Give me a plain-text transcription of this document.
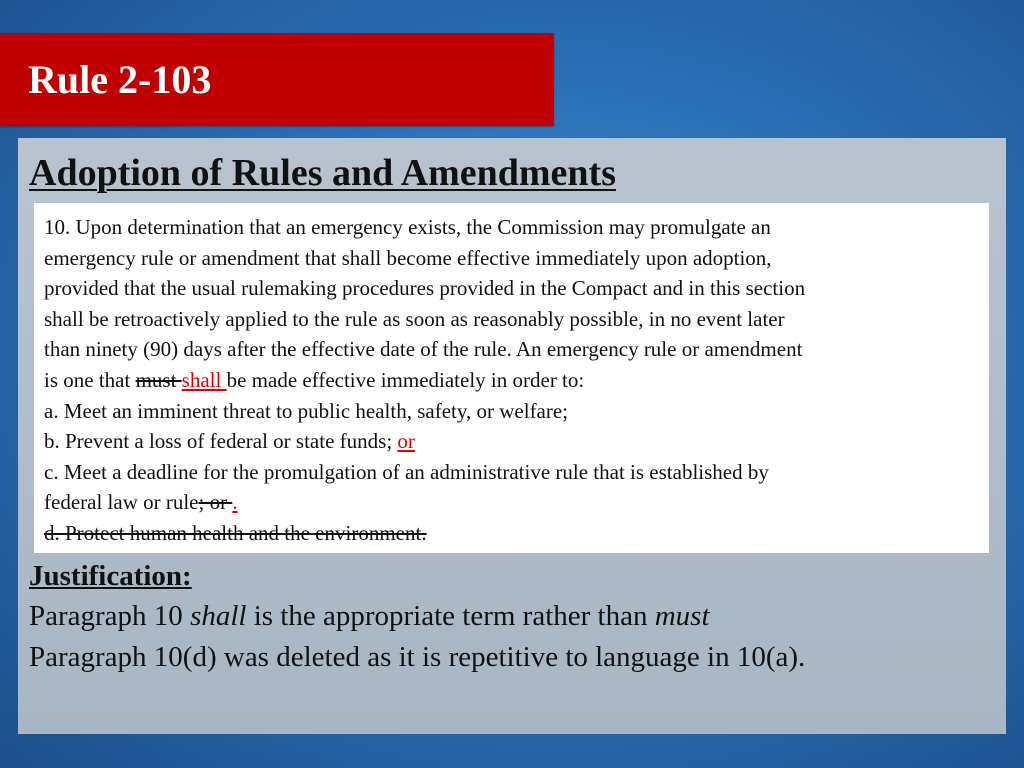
Rule 2-103
Adoption of Rules and Amendments
10. Upon determination that an emergency exists, the Commission may promulgate an
emergency rule or amendment that shall become effective immediately upon adoption,
provided that the usual rulemaking procedures provided in the Compact and in this section
shall be retroactively applied to the rule as soon as reasonably possible, in no event later
than ninety (90) days after the effective date of the rule. An emergency rule or amendment
is one that must shall be made effective immediately in order to:
a. Meet an imminent threat to public health, safety, or welfare;
b. Prevent a loss of federal or state funds; or
c. Meet a deadline for the promulgation of an administrative rule that is established by
federal law or rule; or .
d. Protect human health and the environment.
Justification:
Paragraph 10 shall is the appropriate term rather than must
Paragraph 10(d) was deleted as it is repetitive to language in 10(a).
